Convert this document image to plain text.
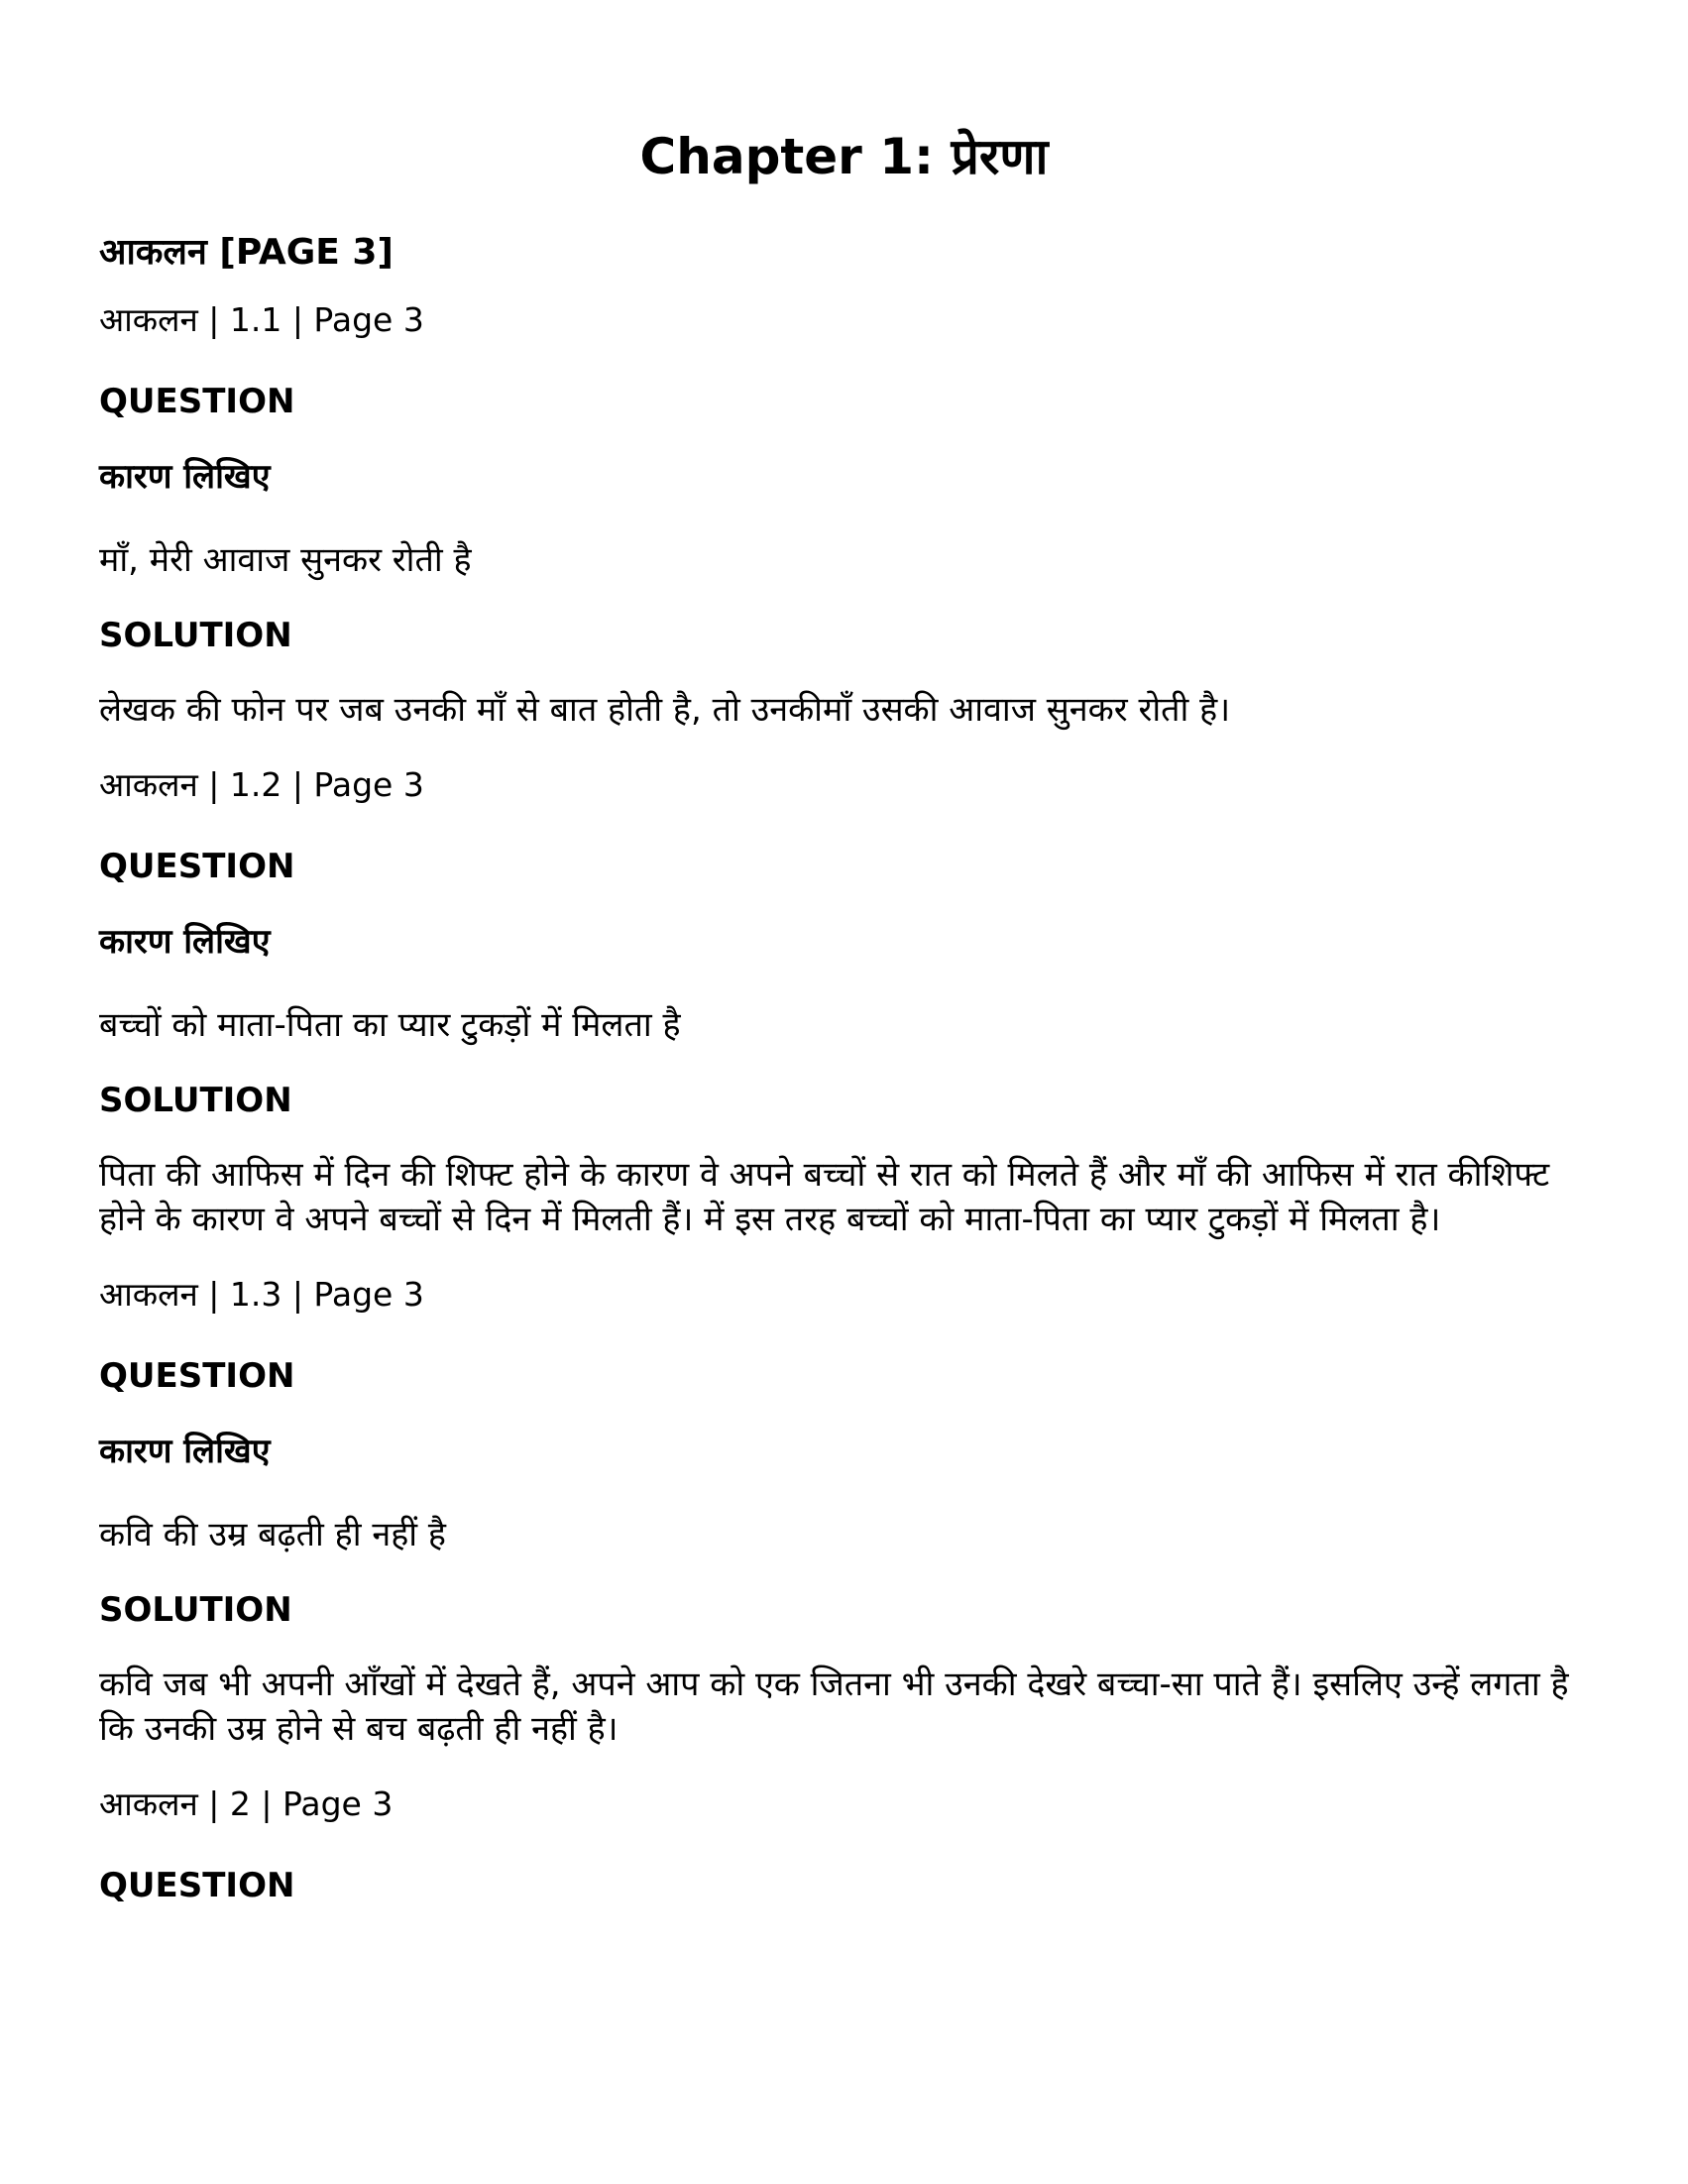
Chapter 1: प्रेरणा
आकलन [PAGE 3]

आकलन | 1.1 | Page 3

QUESTION

कारण लिखिए

माँ, मेरी आवाज सुनकर रोती है

SOLUTION

लेखक की फोन पर जब उनकी माँ से बात होती है, तो उनकीमाँ उसकी आवाज सुनकर रोती है।

आकलन | 1.2 | Page 3

QUESTION

कारण लिखिए

बच्चों को माता-पिता का प्यार टुकड़ों में मिलता है

SOLUTION

पिता की आफिस में दिन की शिफ्ट होने के कारण वे अपने बच्चों से रात को मिलते हैं और माँ की आफिस में रात कीशिफ्ट होने के कारण वे अपने बच्चों से दिन में मिलती हैं। में इस तरह बच्चों को माता-पिता का प्यार टुकड़ों में मिलता है।

आकलन | 1.3 | Page 3

QUESTION

कारण लिखिए

कवि की उम्र बढ़ती ही नहीं है

SOLUTION

कवि जब भी अपनी आँखों में देखते हैं, अपने आप को एक जितना भी उनकी देखरे बच्चा-सा पाते हैं। इसलिए उन्हें लगता है कि उनकी उम्र होने से बच बढ़ती ही नहीं है।

आकलन | 2 | Page 3

QUESTION
